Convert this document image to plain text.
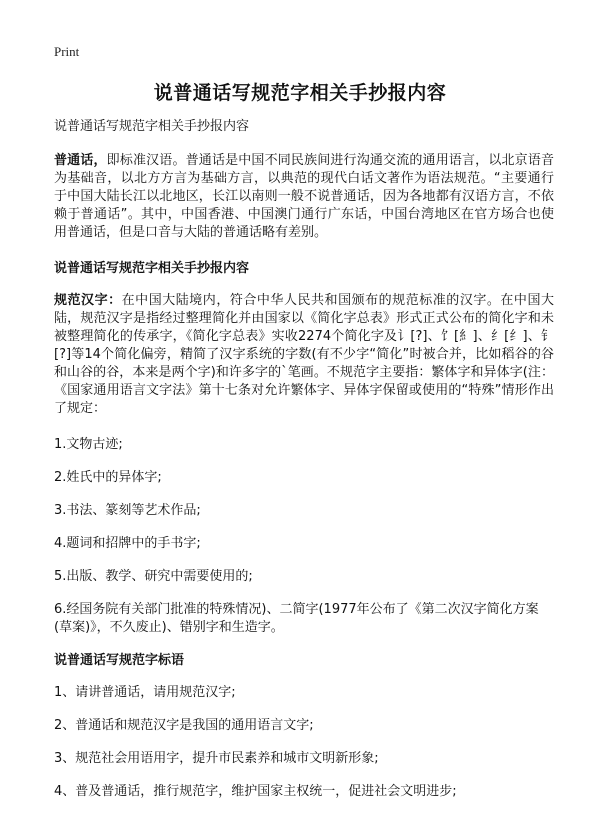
Print
说普通话写规范字相关手抄报内容

说普通话写规范字相关手抄报内容

普通话，即标准汉语。普通话是中国不同民族间进行沟通交流的通用语言，以北京语音为基础音，以北方方言为基础方言，以典范的现代白话文著作为语法规范。“主要通行于中国大陆长江以北地区，长江以南则一般不说普通话，因为各地都有汉语方言，不依赖于普通话”。其中，中国香港、中国澳门通行广东话，中国台湾地区在官方场合也使用普通话，但是口音与大陆的普通话略有差别。

说普通话写规范字相关手抄报内容

规范汉字：在中国大陆境内，符合中华人民共和国颁布的规范标准的汉字。在中国大陆，规范汉字是指经过整理简化并由国家以《简化字总表》形式正式公布的简化字和未被整理简化的传承字，《简化字总表》实收2274个简化字及讠[?]、饣[糹]、纟[纟]、钅[?]等14个简化偏旁，精简了汉字系统的字数(有不少字“简化”时被合并，比如稻谷的谷和山谷的谷，本来是两个字)和许多字的`笔画。不规范字主要指：繁体字和异体字(注：《国家通用语言文字法》第十七条对允许繁体字、异体字保留或使用的“特殊”情形作出了规定：

1.文物古迹;

2.姓氏中的异体字;

3.书法、篆刻等艺术作品;

4.题词和招牌中的手书字;

5.出版、教学、研究中需要使用的;

6.经国务院有关部门批准的特殊情况)、二简字(1977年公布了《第二次汉字简化方案(草案)》，不久废止)、错别字和生造字。

说普通话写规范字标语

1、请讲普通话，请用规范汉字;

2、普通话和规范汉字是我国的通用语言文字;

3、规范社会用语用字，提升市民素养和城市文明新形象;

4、普及普通话，推行规范字，维护国家主权统一，促进社会文明进步;
